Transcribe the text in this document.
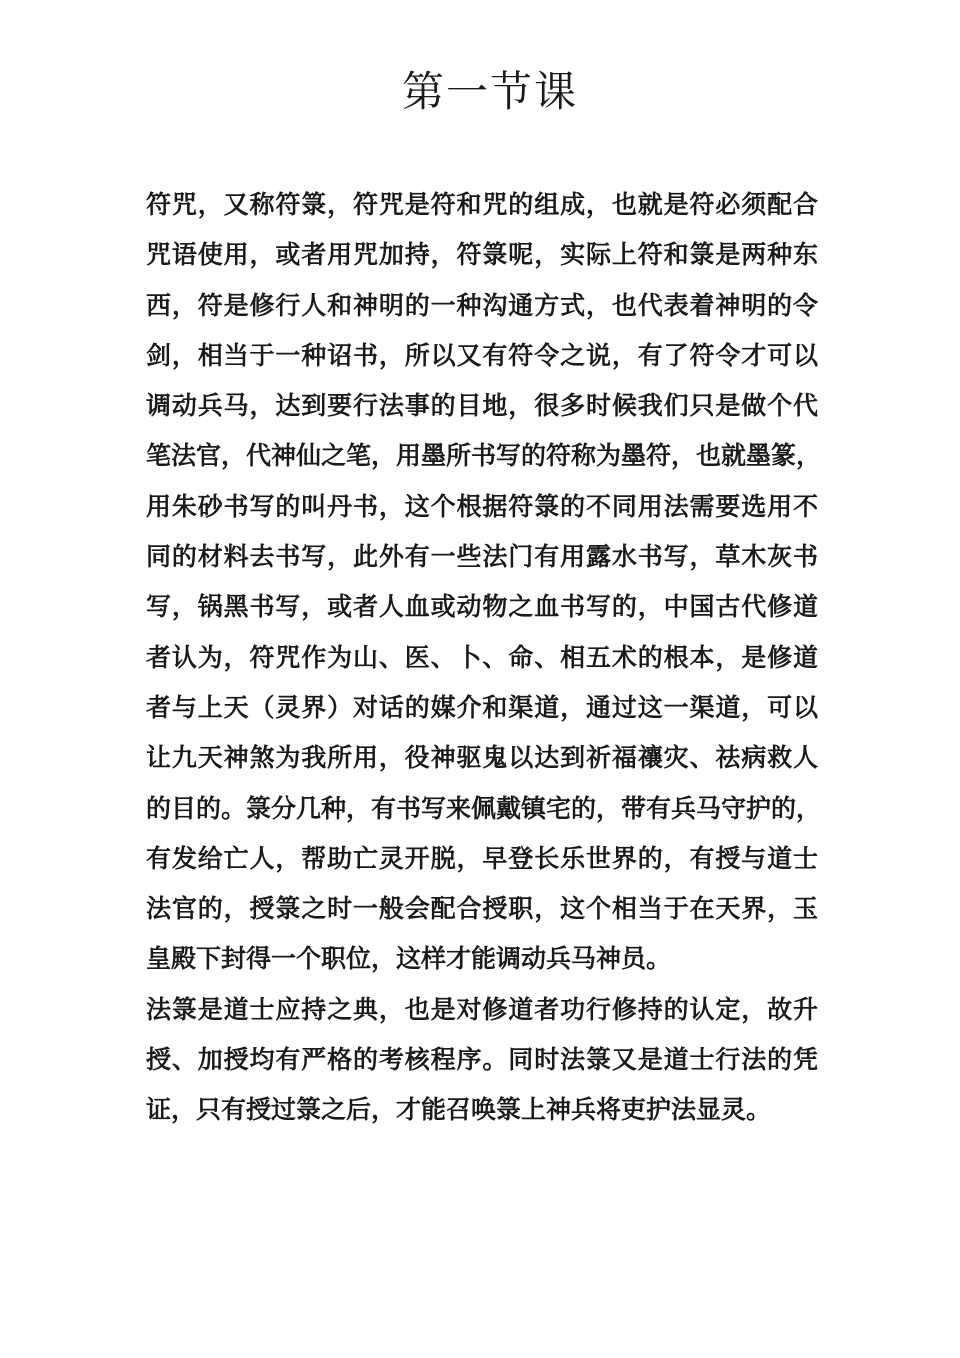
第一节课
符咒，又称符箓，符咒是符和咒的组成，也就是符必须配合
咒语使用，或者用咒加持，符箓呢，实际上符和箓是两种东
西，符是修行人和神明的一种沟通方式，也代表着神明的令
剑，相当于一种诏书，所以又有符令之说，有了符令才可以
调动兵马，达到要行法事的目地，很多时候我们只是做个代
笔法官，代神仙之笔，用墨所书写的符称为墨符，也就墨篆，
用朱砂书写的叫丹书，这个根据符箓的不同用法需要选用不
同的材料去书写，此外有一些法门有用露水书写，草木灰书
写，锅黑书写，或者人血或动物之血书写的，中国古代修道
者认为，符咒作为山、医、卜、命、相五术的根本，是修道
者与上天（灵界）对话的媒介和渠道，通过这一渠道，可以
让九天神煞为我所用，役神驱鬼以达到祈福禳灾、祛病救人
的目的。箓分几种，有书写来佩戴镇宅的，带有兵马守护的，
有发给亡人，帮助亡灵开脱，早登长乐世界的，有授与道士
法官的，授箓之时一般会配合授职，这个相当于在天界，玉
皇殿下封得一个职位，这样才能调动兵马神员。
法箓是道士应持之典，也是对修道者功行修持的认定，故升
授、加授均有严格的考核程序。同时法箓又是道士行法的凭
证，只有授过箓之后，才能召唤箓上神兵将吏护法显灵。
